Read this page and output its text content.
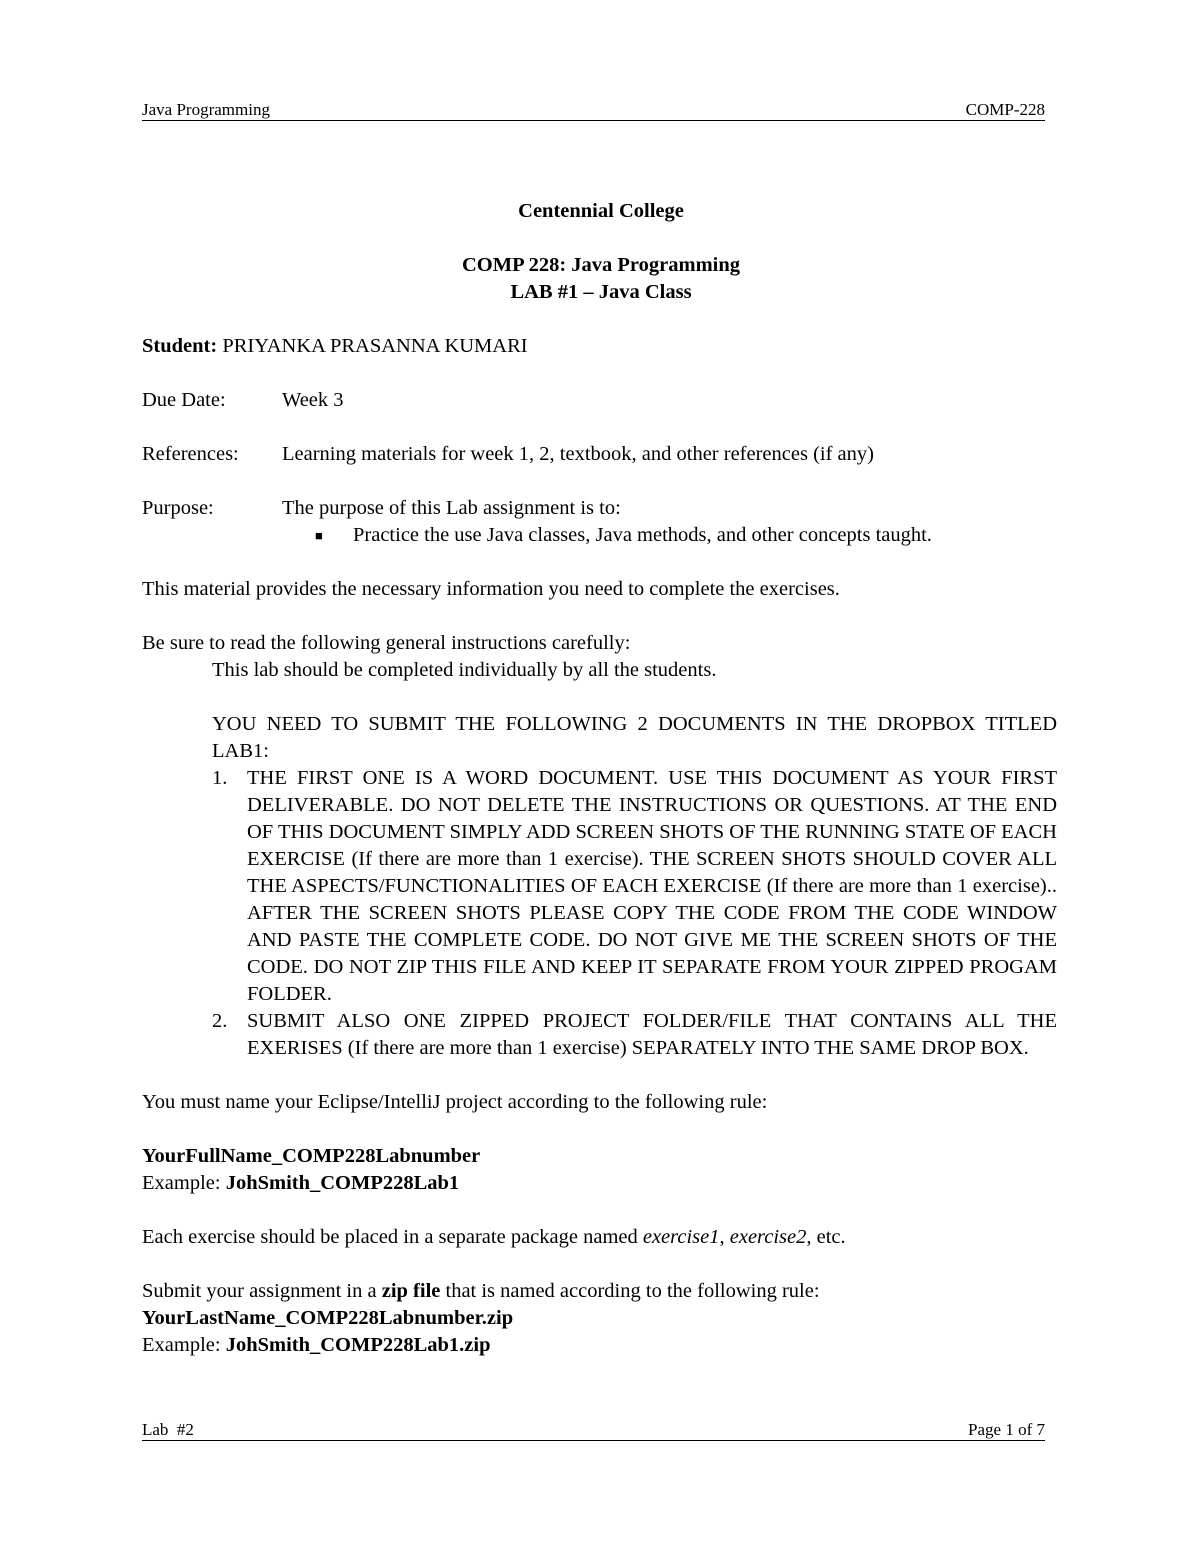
Java Programming	COMP-228
Centennial College
COMP 228: Java Programming
LAB #1 – Java Class
Student: PRIYANKA PRASANNA KUMARI
Due Date:	Week 3
References:	Learning materials for week 1, 2, textbook, and other references (if any)
Purpose:	The purpose of this Lab assignment is to:
■	Practice the use Java classes, Java methods, and other concepts taught.
This material provides the necessary information you need to complete the exercises.
Be sure to read the following general instructions carefully:
This lab should be completed individually by all the students.
YOU NEED TO SUBMIT THE FOLLOWING 2 DOCUMENTS IN THE DROPBOX TITLED LAB1:
1. THE FIRST ONE IS A WORD DOCUMENT. USE THIS DOCUMENT AS YOUR FIRST DELIVERABLE. DO NOT DELETE THE INSTRUCTIONS OR QUESTIONS. AT THE END OF THIS DOCUMENT SIMPLY ADD SCREEN SHOTS OF THE RUNNING STATE OF EACH EXERCISE (If there are more than 1 exercise). THE SCREEN SHOTS SHOULD COVER ALL THE ASPECTS/FUNCTIONALITIES OF EACH EXERCISE (If there are more than 1 exercise).. AFTER THE SCREEN SHOTS PLEASE COPY THE CODE FROM THE CODE WINDOW AND PASTE THE COMPLETE CODE. DO NOT GIVE ME THE SCREEN SHOTS OF THE CODE. DO NOT ZIP THIS FILE AND KEEP IT SEPARATE FROM YOUR ZIPPED PROGAM FOLDER.
2. SUBMIT ALSO ONE ZIPPED PROJECT FOLDER/FILE THAT CONTAINS ALL THE EXERISES (If there are more than 1 exercise) SEPARATELY INTO THE SAME DROP BOX.
You must name your Eclipse/IntelliJ project according to the following rule:
YourFullName_COMP228Labnumber
Example: JohSmith_COMP228Lab1
Each exercise should be placed in a separate package named exercise1, exercise2, etc.
Submit your assignment in a zip file that is named according to the following rule:
YourLastName_COMP228Labnumber.zip
Example: JohSmith_COMP228Lab1.zip
Lab  #2	Page 1 of 7
